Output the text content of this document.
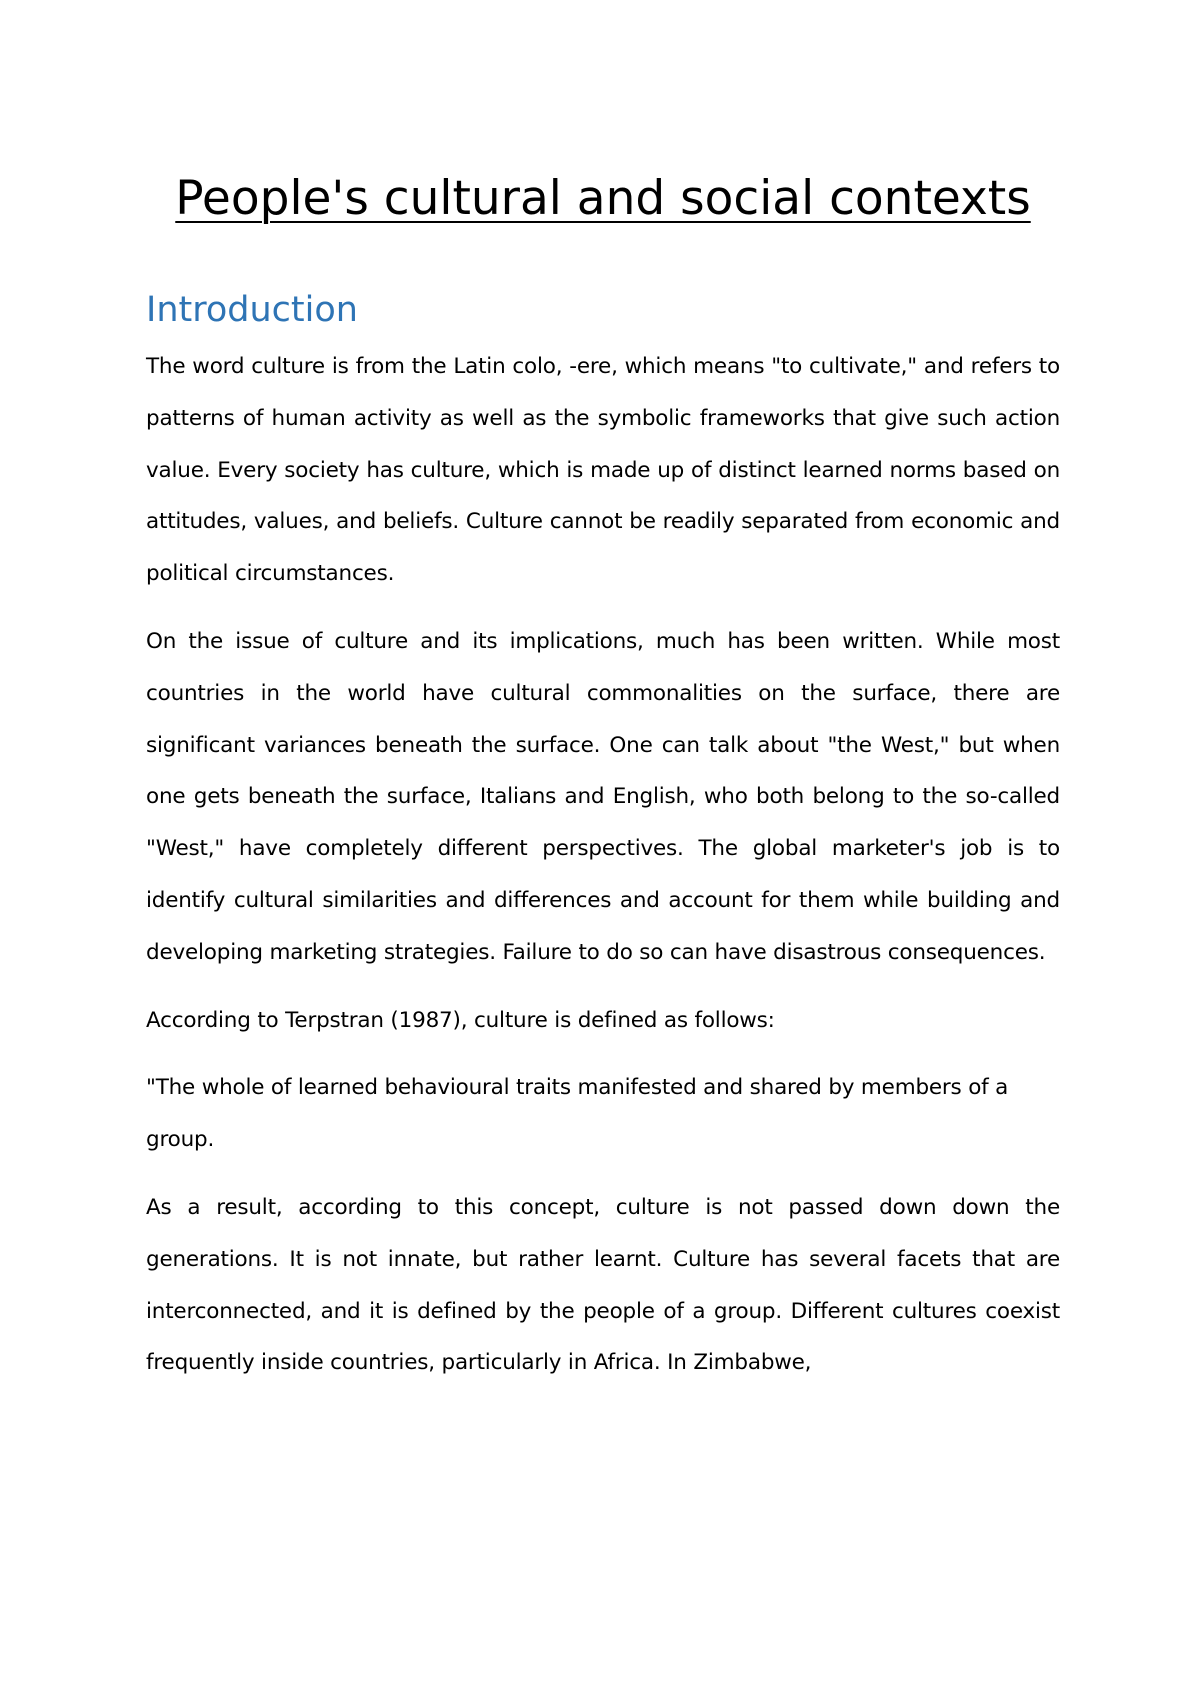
People's cultural and social contexts
Introduction

The word culture is from the Latin colo, -ere, which means "to cultivate," and refers to patterns of human activity as well as the symbolic frameworks that give such action value. Every society has culture, which is made up of distinct learned norms based on attitudes, values, and beliefs. Culture cannot be readily separated from economic and political circumstances.

On the issue of culture and its implications, much has been written. While most countries in the world have cultural commonalities on the surface, there are significant variances beneath the surface. One can talk about "the West," but when one gets beneath the surface, Italians and English, who both belong to the so-called "West," have completely different perspectives. The global marketer's job is to identify cultural similarities and differences and account for them while building and developing marketing strategies. Failure to do so can have disastrous consequences.

According to Terpstran (1987), culture is defined as follows:

"The whole of learned behavioural traits manifested and shared by members of a group.

As a result, according to this concept, culture is not passed down down the generations. It is not innate, but rather learnt. Culture has several facets that are interconnected, and it is defined by the people of a group. Different cultures coexist frequently inside countries, particularly in Africa. In Zimbabwe,
